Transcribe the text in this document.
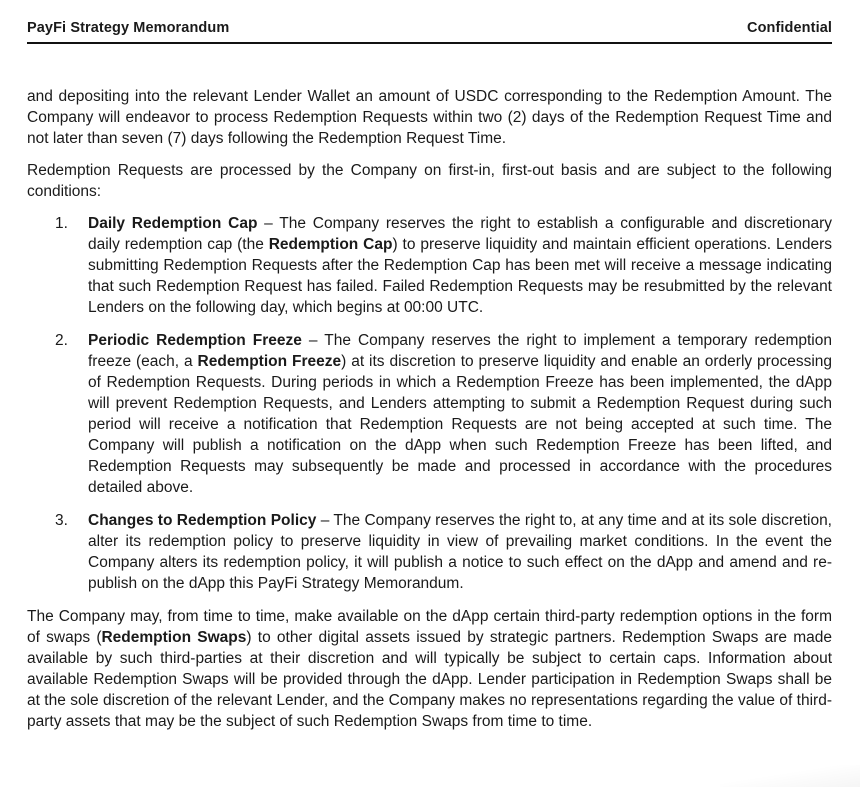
PayFi Strategy Memorandum	Confidential

and depositing into the relevant Lender Wallet an amount of USDC corresponding to the Redemption Amount. The Company will endeavor to process Redemption Requests within two (2) days of the Redemption Request Time and not later than seven (7) days following the Redemption Request Time.

Redemption Requests are processed by the Company on first-in, first-out basis and are subject to the following conditions:

1.	Daily Redemption Cap – The Company reserves the right to establish a configurable and discretionary daily redemption cap (the Redemption Cap) to preserve liquidity and maintain efficient operations. Lenders submitting Redemption Requests after the Redemption Cap has been met will receive a message indicating that such Redemption Request has failed. Failed Redemption Requests may be resubmitted by the relevant Lenders on the following day, which begins at 00:00 UTC.
2.	Periodic Redemption Freeze – The Company reserves the right to implement a temporary redemption freeze (each, a Redemption Freeze) at its discretion to preserve liquidity and enable an orderly processing of Redemption Requests. During periods in which a Redemption Freeze has been implemented, the dApp will prevent Redemption Requests, and Lenders attempting to submit a Redemption Request during such period will receive a notification that Redemption Requests are not being accepted at such time. The Company will publish a notification on the dApp when such Redemption Freeze has been lifted, and Redemption Requests may subsequently be made and processed in accordance with the procedures detailed above.
3.	Changes to Redemption Policy – The Company reserves the right to, at any time and at its sole discretion, alter its redemption policy to preserve liquidity in view of prevailing market conditions. In the event the Company alters its redemption policy, it will publish a notice to such effect on the dApp and amend and re-publish on the dApp this PayFi Strategy Memorandum.

The Company may, from time to time, make available on the dApp certain third-party redemption options in the form of swaps (Redemption Swaps) to other digital assets issued by strategic partners. Redemption Swaps are made available by such third-parties at their discretion and will typically be subject to certain caps. Information about available Redemption Swaps will be provided through the dApp. Lender participation in Redemption Swaps shall be at the sole discretion of the relevant Lender, and the Company makes no representations regarding the value of third-party assets that may be the subject of such Redemption Swaps from time to time.
